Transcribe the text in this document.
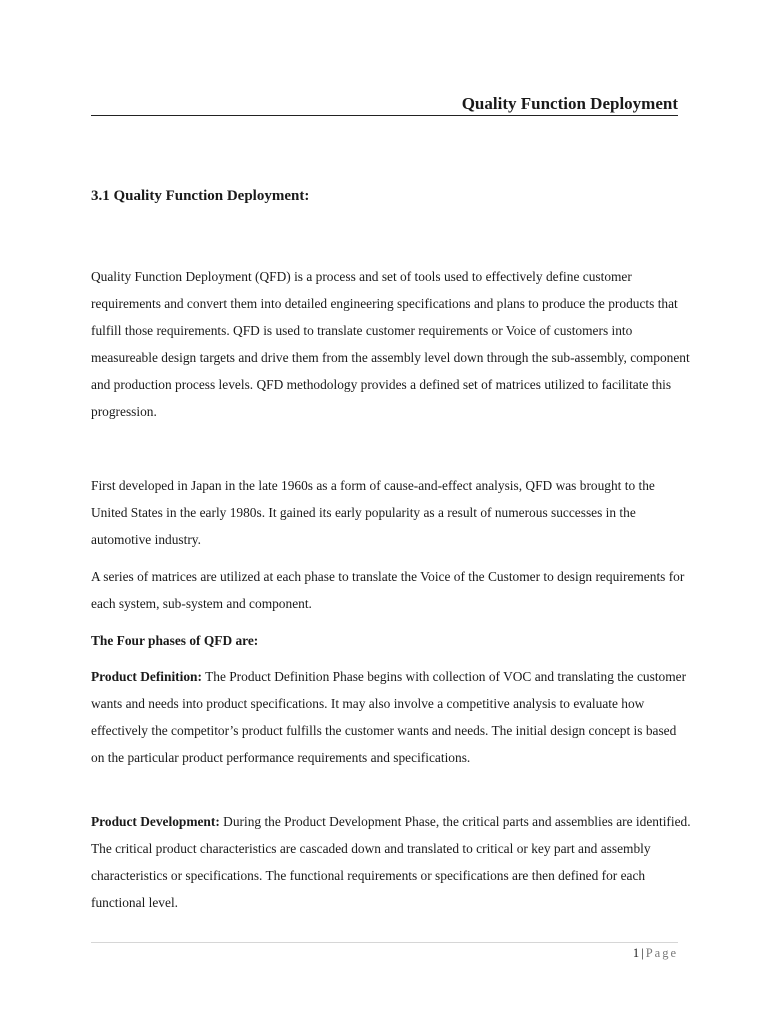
Quality Function Deployment
3.1 Quality Function Deployment:

Quality Function Deployment (QFD) is a process and set of tools used to effectively define customer requirements and convert them into detailed engineering specifications and plans to produce the products that fulfill those requirements. QFD is used to translate customer requirements or Voice of customers into measureable design targets and drive them from the assembly level down through the sub-assembly, component and production process levels. QFD methodology provides a defined set of matrices utilized to facilitate this progression.

First developed in Japan in the late 1960s as a form of cause-and-effect analysis, QFD was brought to the United States in the early 1980s. It gained its early popularity as a result of numerous successes in the automotive industry.

A series of matrices are utilized at each phase to translate the Voice of the Customer to design requirements for each system, sub-system and component.

The Four phases of QFD are:

Product Definition: The Product Definition Phase begins with collection of VOC and translating the customer wants and needs into product specifications. It may also involve a competitive analysis to evaluate how effectively the competitor’s product fulfills the customer wants and needs. The initial design concept is based on the particular product performance requirements and specifications.

Product Development: During the Product Development Phase, the critical parts and assemblies are identified. The critical product characteristics are cascaded down and translated to critical or key part and assembly characteristics or specifications. The functional requirements or specifications are then defined for each functional level.

1 | Page
